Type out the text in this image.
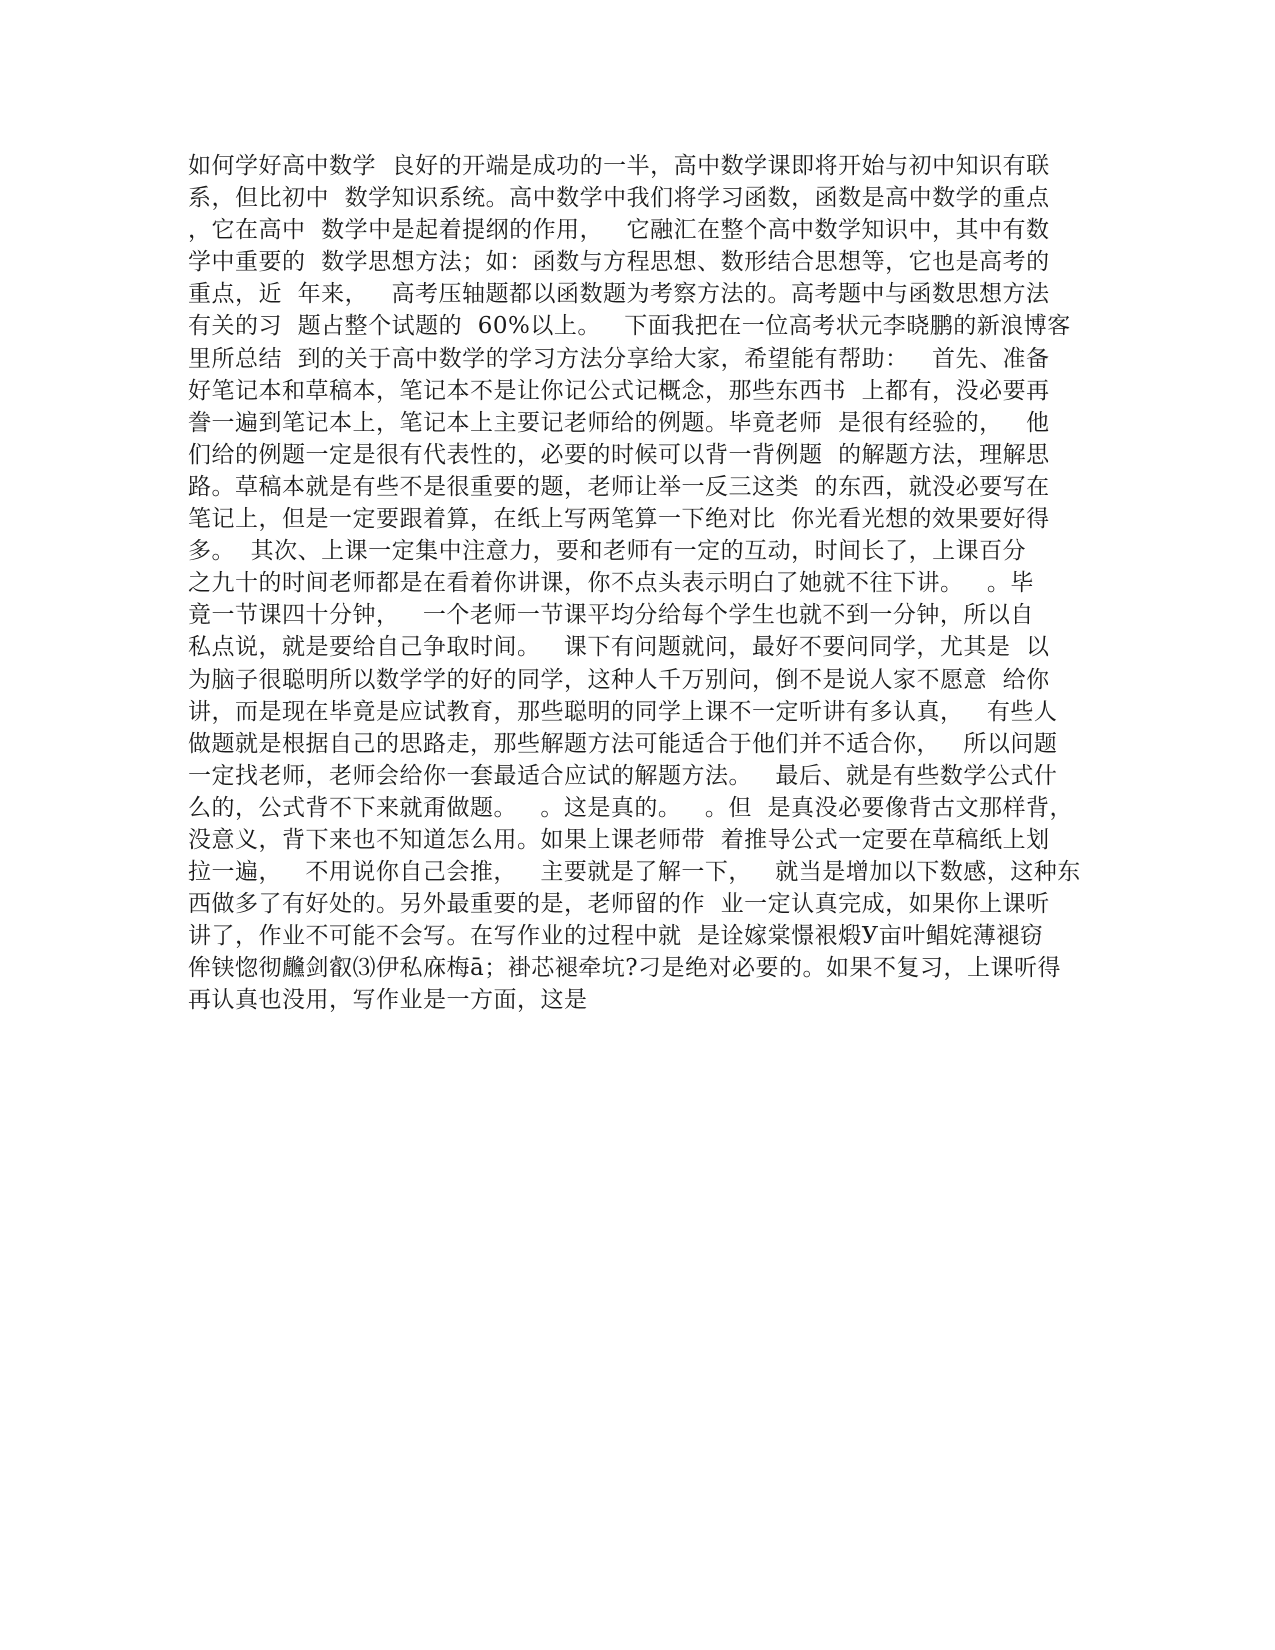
如何学好高中数学  良好的开端是成功的一半，高中数学课即将开始与初中知识有联
系，但比初中  数学知识系统。高中数学中我们将学习函数，函数是高中数学的重点
，它在高中  数学中是起着提纲的作用，   它融汇在整个高中数学知识中，其中有数
学中重要的  数学思想方法；如：函数与方程思想、数形结合思想等，它也是高考的
重点，近  年来，   高考压轴题都以函数题为考察方法的。高考题中与函数思想方法
有关的习  题占整个试题的  60%以上。   下面我把在一位高考状元李晓鹏的新浪博客
里所总结  到的关于高中数学的学习方法分享给大家，希望能有帮助：   首先、准备
好笔记本和草稿本，笔记本不是让你记公式记概念，那些东西书  上都有，没必要再
誊一遍到笔记本上，笔记本上主要记老师给的例题。毕竟老师  是很有经验的，   他
们给的例题一定是很有代表性的，必要的时候可以背一背例题  的解题方法，理解思
路。草稿本就是有些不是很重要的题，老师让举一反三这类  的东西，就没必要写在
笔记上，但是一定要跟着算，在纸上写两笔算一下绝对比  你光看光想的效果要好得
多。  其次、上课一定集中注意力，要和老师有一定的互动，时间长了，上课百分
之九十的时间老师都是在看着你讲课，你不点头表示明白了她就不往下讲。   。毕
竟一节课四十分钟，   一个老师一节课平均分给每个学生也就不到一分钟，所以自
私点说，就是要给自己争取时间。   课下有问题就问，最好不要问同学，尤其是  以
为脑子很聪明所以数学学的好的同学，这种人千万别问，倒不是说人家不愿意  给你
讲，而是现在毕竟是应试教育，那些聪明的同学上课不一定听讲有多认真，   有些人
做题就是根据自己的思路走，那些解题方法可能适合于他们并不适合你，   所以问题
一定找老师，老师会给你一套最适合应试的解题方法。   最后、就是有些数学公式什
么的，公式背不下来就甭做题。   。这是真的。   。但  是真没必要像背古文那样背，
没意义，背下来也不知道怎么用。如果上课老师带  着推导公式一定要在草稿纸上划
拉一遍，   不用说你自己会推，   主要就是了解一下，   就当是增加以下数感，这种东
西做多了有好处的。另外最重要的是，老师留的作  业一定认真完成，如果你上课听
讲了，作业不可能不会写。在写作业的过程中就  是诠嫁棠憬裉煅У亩叶鲳姹薄褪窃
侔铗惚彻虪剑叡⑶伊私庥梅ā；褂芯褪牵坑?刁是绝对必要的。如果不复习，上课听得
再认真也没用，写作业是一方面，这是
